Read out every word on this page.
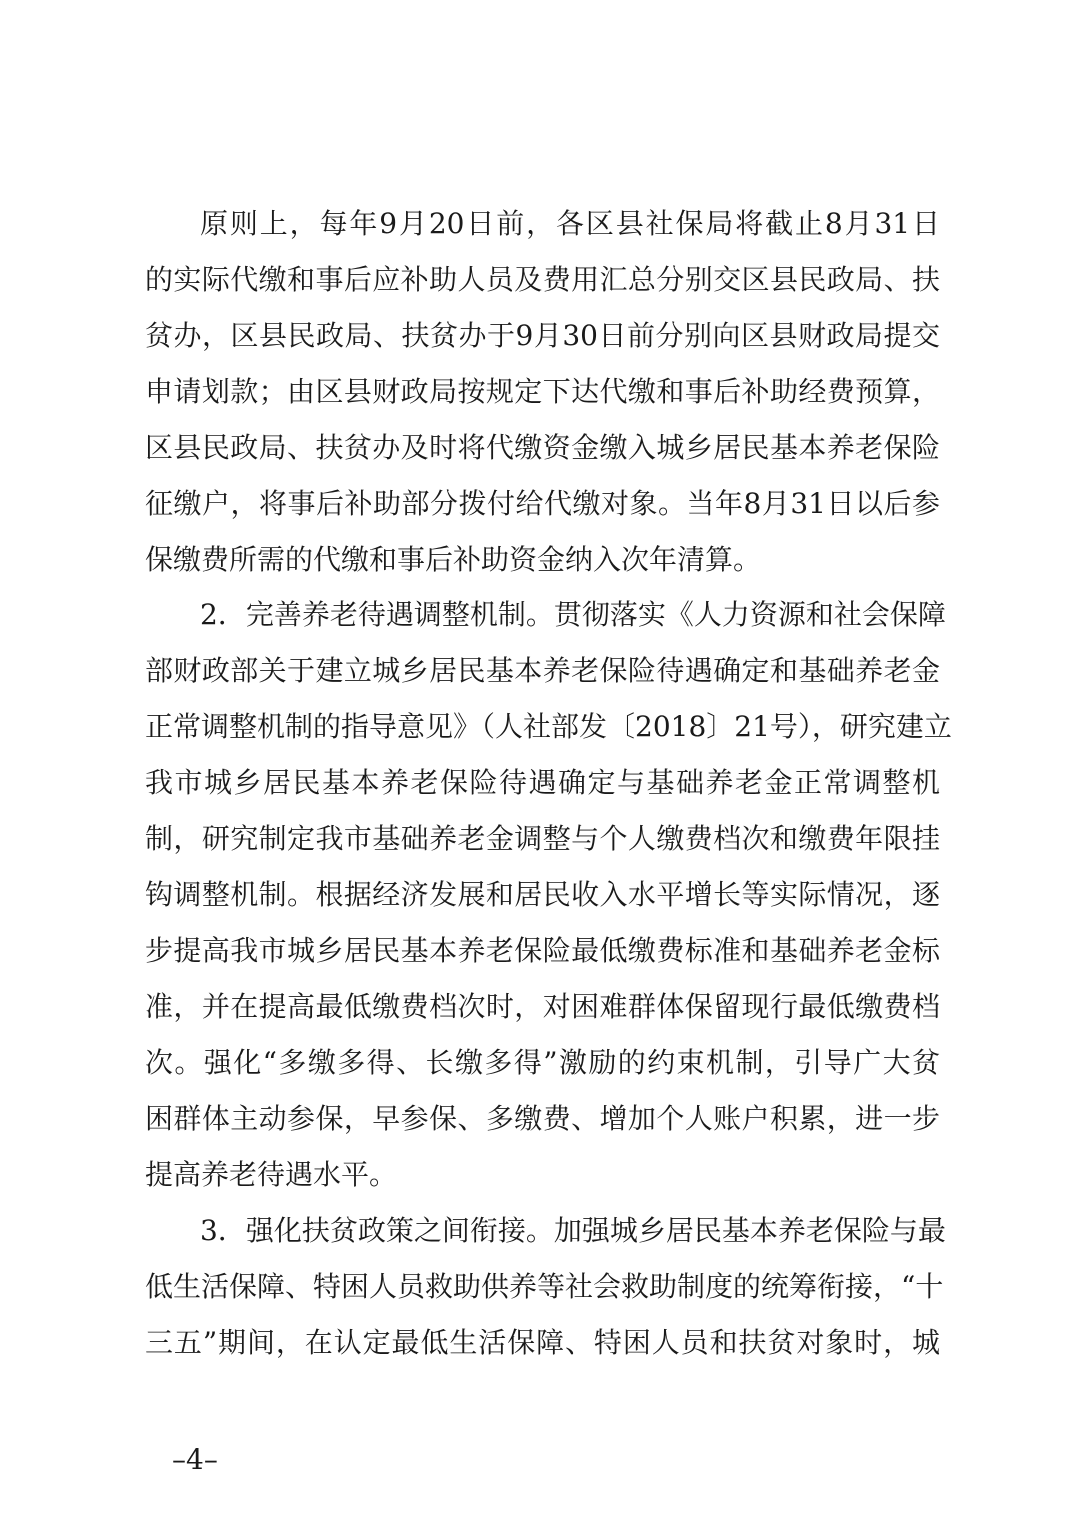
原则上，每年9月20日前，各区县社保局将截止8月31日
的实际代缴和事后应补助人员及费用汇总分别交区县民政局、扶
贫办，区县民政局、扶贫办于9月30日前分别向区县财政局提交
申请划款；由区县财政局按规定下达代缴和事后补助经费预算，
区县民政局、扶贫办及时将代缴资金缴入城乡居民基本养老保险
征缴户，将事后补助部分拨付给代缴对象。当年8月31日以后参
保缴费所需的代缴和事后补助资金纳入次年清算。
2．完善养老待遇调整机制。贯彻落实《人力资源和社会保障
部财政部关于建立城乡居民基本养老保险待遇确定和基础养老金
正常调整机制的指导意见》（人社部发〔2018〕21号），研究建立
我市城乡居民基本养老保险待遇确定与基础养老金正常调整机
制，研究制定我市基础养老金调整与个人缴费档次和缴费年限挂
钩调整机制。根据经济发展和居民收入水平增长等实际情况，逐
步提高我市城乡居民基本养老保险最低缴费标准和基础养老金标
准，并在提高最低缴费档次时，对困难群体保留现行最低缴费档
次。强化“多缴多得、长缴多得”激励的约束机制，引导广大贫
困群体主动参保，早参保、多缴费、增加个人账户积累，进一步
提高养老待遇水平。
3．强化扶贫政策之间衔接。加强城乡居民基本养老保险与最
低生活保障、特困人员救助供养等社会救助制度的统筹衔接，“十
三五”期间，在认定最低生活保障、特困人员和扶贫对象时，城
–4–
